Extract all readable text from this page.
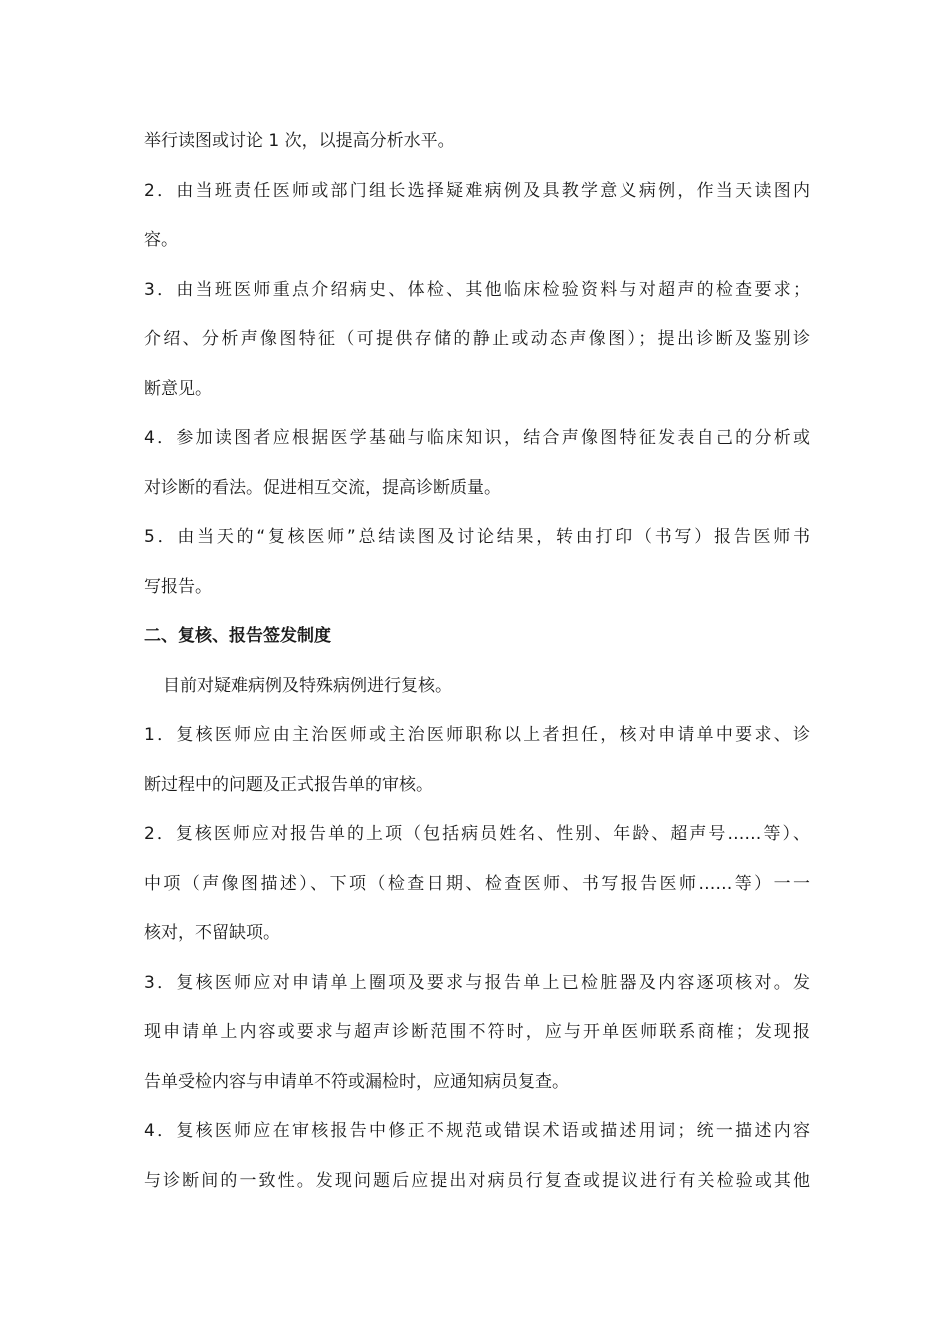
举行读图或讨论 1 次，以提高分析水平。
2．由当班责任医师或部门组长选择疑难病例及具教学意义病例，作当天读图内
容。
3．由当班医师重点介绍病史、体检、其他临床检验资料与对超声的检查要求；
介绍、分析声像图特征（可提供存储的静止或动态声像图）；提出诊断及鉴别诊
断意见。
4．参加读图者应根据医学基础与临床知识，结合声像图特征发表自己的分析或
对诊断的看法。促进相互交流，提高诊断质量。
5．由当天的“复核医师”总结读图及讨论结果，转由打印（书写）报告医师书
写报告。
二、复核、报告签发制度
目前对疑难病例及特殊病例进行复核。
1．复核医师应由主治医师或主治医师职称以上者担任，核对申请单中要求、诊
断过程中的问题及正式报告单的审核。
2．复核医师应对报告单的上项（包括病员姓名、性别、年龄、超声号……等）、
中项（声像图描述）、下项（检查日期、检查医师、书写报告医师……等）一一
核对，不留缺项。
3．复核医师应对申请单上圈项及要求与报告单上已检脏器及内容逐项核对。发
现申请单上内容或要求与超声诊断范围不符时，应与开单医师联系商榷；发现报
告单受检内容与申请单不符或漏检时，应通知病员复查。
4．复核医师应在审核报告中修正不规范或错误术语或描述用词；统一描述内容
与诊断间的一致性。发现问题后应提出对病员行复查或提议进行有关检验或其他
